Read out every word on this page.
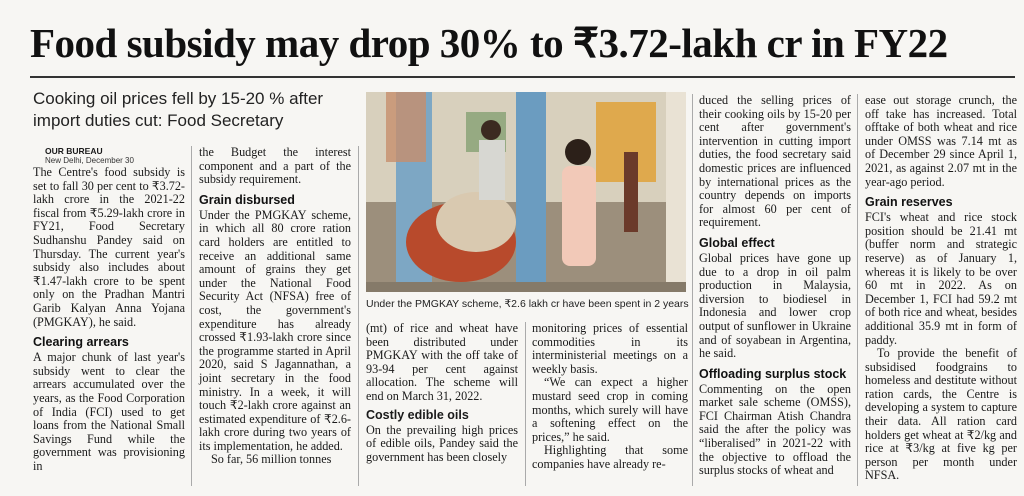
Food subsidy may drop 30% to ₹3.72-lakh cr in FY22
Cooking oil prices fell by 15-20 % after import duties cut: Food Secretary

OUR BUREAU

New Delhi, December 30

The Centre's food subsidy is set to fall 30 per cent to ₹3.72-lakh crore in the 2021-22 fiscal from ₹5.29-lakh crore in FY21, Food Secretary Sudhanshu Pandey said on Thursday. The current year's subsidy also includes about ₹1.47-lakh crore to be spent only on the Pradhan Mantri Garib Kalyan Anna Yojana (PMGKAY), he said.

Clearing arrears

A major chunk of last year's subsidy went to clear the arrears accumulated over the years, as the Food Corporation of India (FCI) used to get loans from the National Small Savings Fund while the government was provisioning in

the Budget the interest component and a part of the subsidy requirement.

Grain disbursed

Under the PMGKAY scheme, in which all 80 crore ration card holders are entitled to receive an additional same amount of grains they get under the National Food Security Act (NFSA) free of cost, the government's expenditure has already crossed ₹1.93-lakh crore since the programme started in April 2020, said S Jagannathan, a joint secretary in the food ministry. In a week, it will touch ₹2-lakh crore against an estimated expenditure of ₹2.6-lakh crore during two years of its implementation, he added.

So far, 56 million tonnes

Under the PMGKAY scheme, ₹2.6 lakh cr have been spent in 2 years

(mt) of rice and wheat have been distributed under PMGKAY with the off take of 93-94 per cent against allocation. The scheme will end on March 31, 2022.

Costly edible oils

On the prevailing high prices of edible oils, Pandey said the government has been closely

monitoring prices of essential commodities in its interministerial meetings on a weekly basis.

“We can expect a higher mustard seed crop in coming months, which surely will have a softening effect on the prices,” he said.

Highlighting that some companies have already re-

duced the selling prices of their cooking oils by 15-20 per cent after government's intervention in cutting import duties, the food secretary said domestic prices are influenced by international prices as the country depends on imports for almost 60 per cent of requirement.

Global effect

Global prices have gone up due to a drop in oil palm production in Malaysia, diversion to biodiesel in Indonesia and lower crop output of sunflower in Ukraine and of soyabean in Argentina, he said.

Offloading surplus stock

Commenting on the open market sale scheme (OMSS), FCI Chairman Atish Chandra said the after the policy was “liberalised” in 2021-22 with the objective to offload the surplus stocks of wheat and

ease out storage crunch, the off take has increased. Total offtake of both wheat and rice under OMSS was 7.14 mt as of December 29 since April 1, 2021, as against 2.07 mt in the year-ago period.

Grain reserves

FCI's wheat and rice stock position should be 21.41 mt (buffer norm and strategic reserve) as of January 1, whereas it is likely to be over 60 mt in 2022. As on December 1, FCI had 59.2 mt of both rice and wheat, besides additional 35.9 mt in form of paddy.

To provide the benefit of subsidised foodgrains to homeless and destitute without ration cards, the Centre is developing a system to capture their data. All ration card holders get wheat at ₹2/kg and rice at ₹3/kg at five kg per person per month under NFSA.
